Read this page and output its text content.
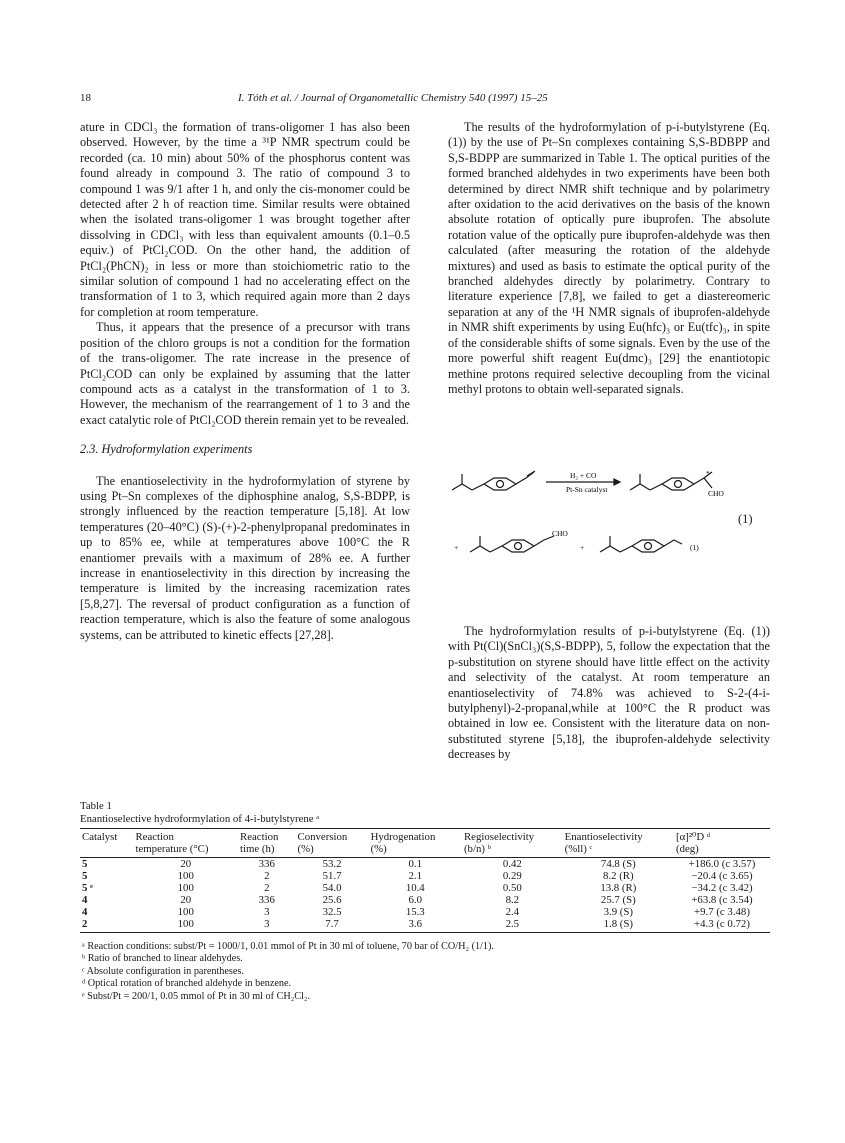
18	I. Tóth et al. / Journal of Organometallic Chemistry 540 (1997) 15–25

ature in CDCl₃ the formation of trans-oligomer 1 has also been observed. However, by the time a ³¹P NMR spectrum could be recorded (ca. 10 min) about 50% of the phosphorus content was found already in compound 3. The ratio of compound 3 to compound 1 was 9/1 after 1 h, and only the cis-monomer could be detected after 2 h of reaction time. Similar results were obtained when the isolated trans-oligomer 1 was brought together after dissolving in CDCl₃ with less than equivalent amounts (0.1–0.5 equiv.) of PtCl₂COD. On the other hand, the addition of PtCl₂(PhCN)₂ in less or more than stoichiometric ratio to the similar solution of compound 1 had no accelerating effect on the transformation of 1 to 3, which required again more than 2 days for completion at room temperature.

Thus, it appears that the presence of a precursor with trans position of the chloro groups is not a condition for the formation of the trans-oligomer. The rate increase in the presence of PtCl₂COD can only be explained by assuming that the latter compound acts as a catalyst in the transformation of 1 to 3. However, the mechanism of the rearrangement of 1 to 3 and the exact catalytic role of PtCl₂COD therein remain yet to be revealed.

2.3. Hydroformylation experiments

The enantioselectivity in the hydroformylation of styrene by using Pt–Sn complexes of the diphosphine analog, S,S-BDPP, is strongly influenced by the reaction temperature [5,18]. At low temperatures (20–40°C) (S)-(+)-2-phenylpropanal predominates in up to 85% ee, while at temperatures above 100°C the R enantiomer prevails with a maximum of 28% ee. A further increase in enantioselectivity in this direction by increasing the temperature is limited by the increasing racemization rates [5,8,27]. The reversal of product configuration as a function of reaction temperature, which is also the feature of some analogous systems, can be attributed to kinetic effects [27,28].

The results of the hydroformylation of p-i-butylstyrene (Eq. (1)) by the use of Pt–Sn complexes containing S,S-BDBPP and S,S-BDPP are summarized in Table 1. The optical purities of the formed branched aldehydes in two experiments have been both determined by direct NMR shift technique and by polarimetry after oxidation to the acid derivatives on the basis of the known absolute rotation of optically pure ibuprofen. The absolute rotation value of the optically pure ibuprofen-aldehyde was then calculated (after measuring the rotation of the aldehyde mixtures) and used as basis to estimate the optical purity of the branched aldehydes directly by polarimetry. Contrary to literature experience [7,8], we failed to get a diastereomeric separation at any of the ¹H NMR signals of ibuprofen-aldehyde in NMR shift experiments by using Eu(hfc)₃ or Eu(tfc)₃, in spite of the considerable shifts of some signals. Even by the use of the more powerful shift reagent Eu(dmc)₃ [29] the enantiotopic methine protons required selective decoupling from the vicinal methyl protons to obtain well-separated signals.

H₂ + CO
Pt-Sn catalyst
*
CHO
+
CHO
+	(1)
(1)

The hydroformylation results of p-i-butylstyrene (Eq. (1)) with Pt(Cl)(SnCl₃)(S,S-BDPP), 5, follow the expectation that the p-substitution on styrene should have little effect on the activity and selectivity of the catalyst. At room temperature an enantioselectivity of 74.8% was achieved to S-2-(4-i-butylphenyl)-2-propanal,while at 100°C the R product was obtained in low ee. Consistent with the literature data on non-substituted styrene [5,18], the ibuprofen-aldehyde selectivity decreases by

Table 1
Enantioselective hydroformylation of 4-i-butylstyrene ᵃ
Catalyst	Reaction	Reaction	Conversion	Hydrogenation	Regioselectivity	Enantioselectivity	[α]²⁰D ᵈ
	temperature (°C)	time (h)	(%)	(%)	(b/n) ᵇ	(%ll) ᶜ	(deg)
5	20	336	53.2	0.1	0.42	74.8 (S)	+186.0 (c 3.57)
5	100	2	51.7	2.1	0.29	8.2 (R)	−20.4 (c 3.65)
5 ᵉ	100	2	54.0	10.4	0.50	13.8 (R)	−34.2 (c 3.42)
4	20	336	25.6	6.0	8.2	25.7 (S)	+63.8 (c 3.54)
4	100	3	32.5	15.3	2.4	3.9 (S)	+9.7 (c 3.48)
2	100	3	7.7	3.6	2.5	1.8 (S)	+4.3 (c 0.72)
ᵃ Reaction conditions: subst/Pt = 1000/1, 0.01 mmol of Pt in 30 ml of toluene, 70 bar of CO/H₂ (1/1).
ᵇ Ratio of branched to linear aldehydes.
ᶜ Absolute configuration in parentheses.
ᵈ Optical rotation of branched aldehyde in benzene.
ᵉ Subst/Pt = 200/1, 0.05 mmol of Pt in 30 ml of CH₂Cl₂.
